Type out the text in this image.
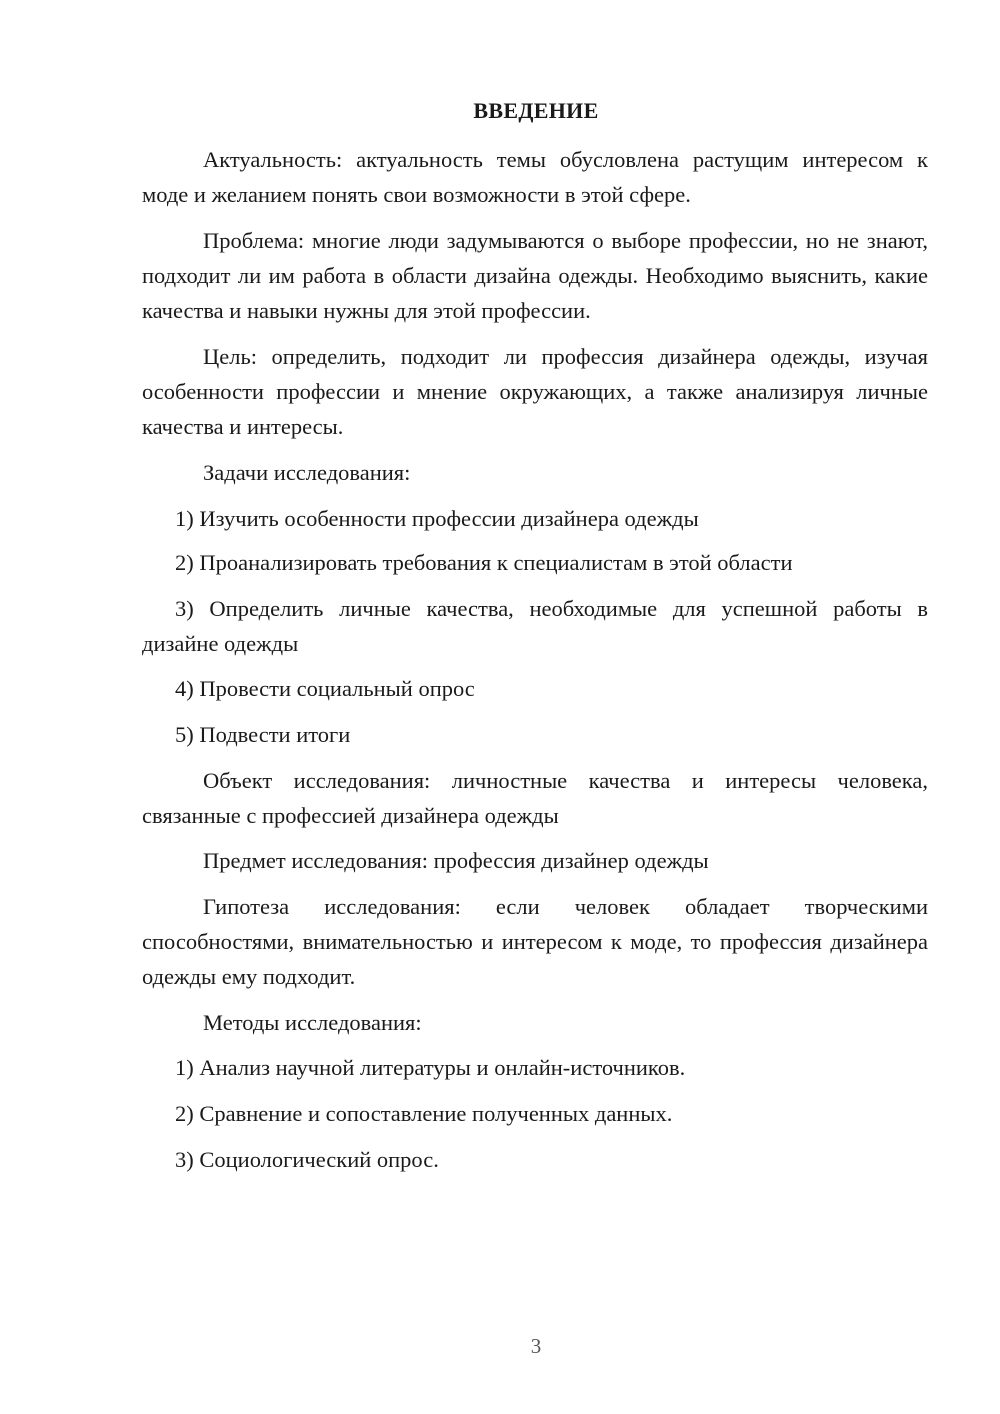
ВВЕДЕНИЕ

Актуальность: актуальность темы обусловлена растущим интересом к моде и желанием понять свои возможности в этой сфере.

Проблема: многие люди задумываются о выборе профессии, но не знают, подходит ли им работа в области дизайна одежды. Необходимо выяснить, какие качества и навыки нужны для этой профессии.

Цель: определить, подходит ли профессия дизайнера одежды, изучая особенности профессии и мнение окружающих, а также анализируя личные качества и интересы.

Задачи исследования:

1) Изучить особенности профессии дизайнера одежды

2) Проанализировать требования к специалистам в этой области

3) Определить личные качества, необходимые для успешной работы в дизайне одежды

4) Провести социальный опрос

5) Подвести итоги

Объект исследования: личностные качества и интересы человека, связанные с профессией дизайнера одежды

Предмет исследования: профессия дизайнер одежды

Гипотеза исследования: если человек обладает творческими способностями, внимательностью и интересом к моде, то профессия дизайнера одежды ему подходит.

Методы исследования:

1) Анализ научной литературы и онлайн-источников.

2) Сравнение и сопоставление полученных данных.

3) Социологический опрос.

3
